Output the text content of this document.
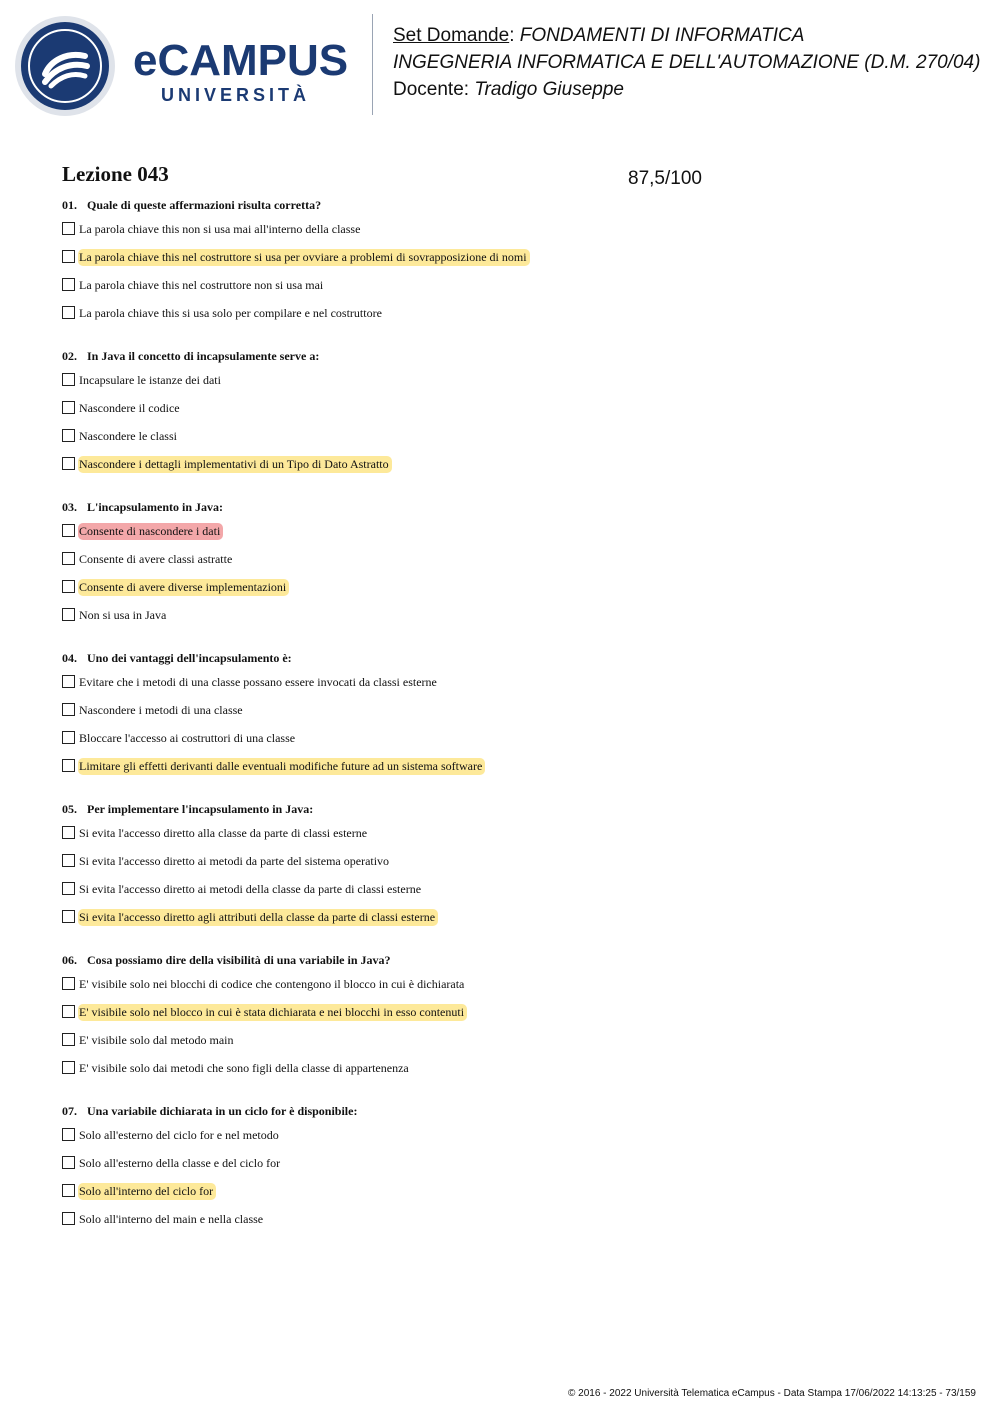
eCAMPUS
UNIVERSITÀ
Set Domande: FONDAMENTI DI INFORMATICA
INGEGNERIA INFORMATICA E DELL'AUTOMAZIONE (D.M. 270/04)
Docente: Tradigo Giuseppe
Lezione 043	87,5/100
01. Quale di queste affermazioni risulta corretta?
La parola chiave this non si usa mai all'interno della classe
La parola chiave this nel costruttore si usa per ovviare a problemi di sovrapposizione di nomi
La parola chiave this nel costruttore non si usa mai
La parola chiave this si usa solo per compilare e nel costruttore
02. In Java il concetto di incapsulamente serve a:
Incapsulare le istanze dei dati
Nascondere il codice
Nascondere le classi
Nascondere i dettagli implementativi di un Tipo di Dato Astratto
03. L'incapsulamento in Java:
Consente di nascondere i dati
Consente di avere classi astratte
Consente di avere diverse implementazioni
Non si usa in Java
04. Uno dei vantaggi dell'incapsulamento è:
Evitare che i metodi di una classe possano essere invocati da classi esterne
Nascondere i metodi di una classe
Bloccare l'accesso ai costruttori di una classe
Limitare gli effetti derivanti dalle eventuali modifiche future ad un sistema software
05. Per implementare l'incapsulamento in Java:
Si evita l'accesso diretto alla classe da parte di classi esterne
Si evita l'accesso diretto ai metodi da parte del sistema operativo
Si evita l'accesso diretto ai metodi della classe da parte di classi esterne
Si evita l'accesso diretto agli attributi della classe da parte di classi esterne
06. Cosa possiamo dire della visibilità di una variabile in Java?
E' visibile solo nei blocchi di codice che contengono il blocco in cui è dichiarata
E' visibile solo nel blocco in cui è stata dichiarata e nei blocchi in esso contenuti
E' visibile solo dal metodo main
E' visibile solo dai metodi che sono figli della classe di appartenenza
07. Una variabile dichiarata in un ciclo for è disponibile:
Solo all'esterno del ciclo for e nel metodo
Solo all'esterno della classe e del ciclo for
Solo all'interno del ciclo for
Solo all'interno del main e nella classe
© 2016 - 2022 Università Telematica eCampus - Data Stampa 17/06/2022 14:13:25 - 73/159
